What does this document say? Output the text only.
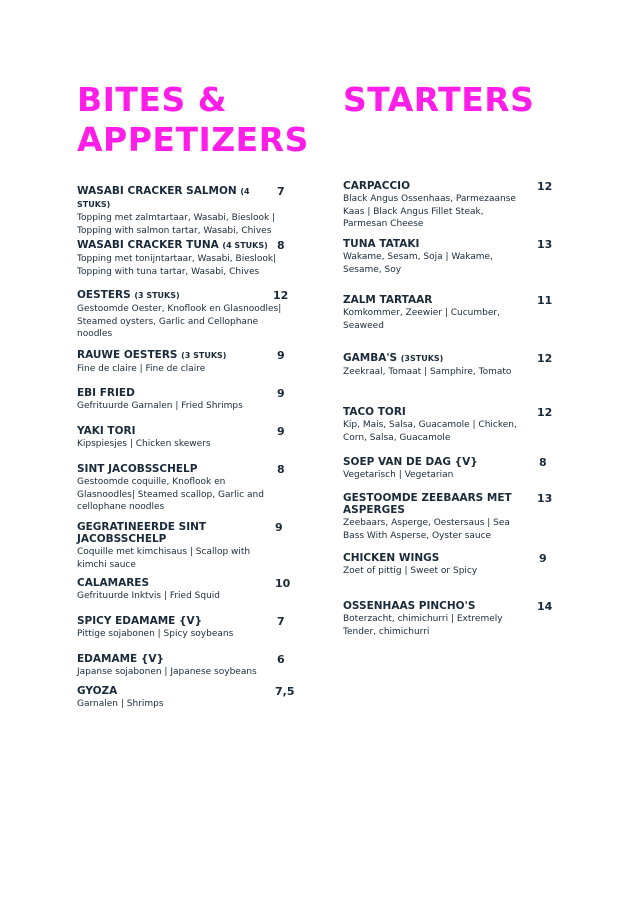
BITES &
APPETIZERS
STARTERS
WASABI CRACKER SALMON (4 STUKS)
Topping met zalmtartaar, Wasabi, Bieslook | Topping with salmon tartar, Wasabi, Chives
7
WASABI CRACKER TUNA (4 STUKS)
Topping met tonijntartaar, Wasabi, Bieslook| Topping with tuna tartar, Wasabi, Chives
8
OESTERS (3 STUKS)
Gestoomde Oester, Knoflook en Glasnoodles| Steamed oysters, Garlic and Cellophane noodles
12
RAUWE OESTERS (3 STUKS)
Fine de claire | Fine de claire
9
EBI FRIED
Gefrituurde Garnalen | Fried Shrimps
9
YAKI TORI
Kipspiesjes | Chicken skewers
9
SINT JACOBSSCHELP
Gestoomde coquille, Knoflook en Glasnoodles| Steamed scallop, Garlic and cellophane noodles
8
GEGRATINEERDE SINT JACOBSSCHELP
Coquille met kimchisaus | Scallop with kimchi sauce
9
CALAMARES
Gefrituurde Inktvis | Fried Squid
10
SPICY EDAMAME {V}
Pittige sojabonen | Spicy soybeans
7
EDAMAME {V}
Japanse sojabonen | Japanese soybeans
6
GYOZA
Garnalen | Shrimps
7,5
CARPACCIO
Black Angus Ossenhaas, Parmezaanse Kaas | Black Angus Fillet Steak, Parmesan Cheese
12
TUNA TATAKI
Wakame, Sesam, Soja | Wakame, Sesame, Soy
13
ZALM TARTAAR
Komkommer, Zeewier | Cucumber, Seaweed
11
GAMBA'S (3STUKS)
Zeekraal, Tomaat | Samphire, Tomato
12
TACO TORI
Kip, Mais, Salsa, Guacamole | Chicken, Corn, Salsa, Guacamole
12
SOEP VAN DE DAG {V}
Vegetarisch | Vegetarian
8
GESTOOMDE ZEEBAARS MET ASPERGES
Zeebaars, Asperge, Oestersaus | Sea Bass With Asperse, Oyster sauce
13
CHICKEN WINGS
Zoet of pittig | Sweet or Spicy
9
OSSENHAAS PINCHO'S
Boterzacht, chimichurri | Extremely Tender, chimichurri
14
